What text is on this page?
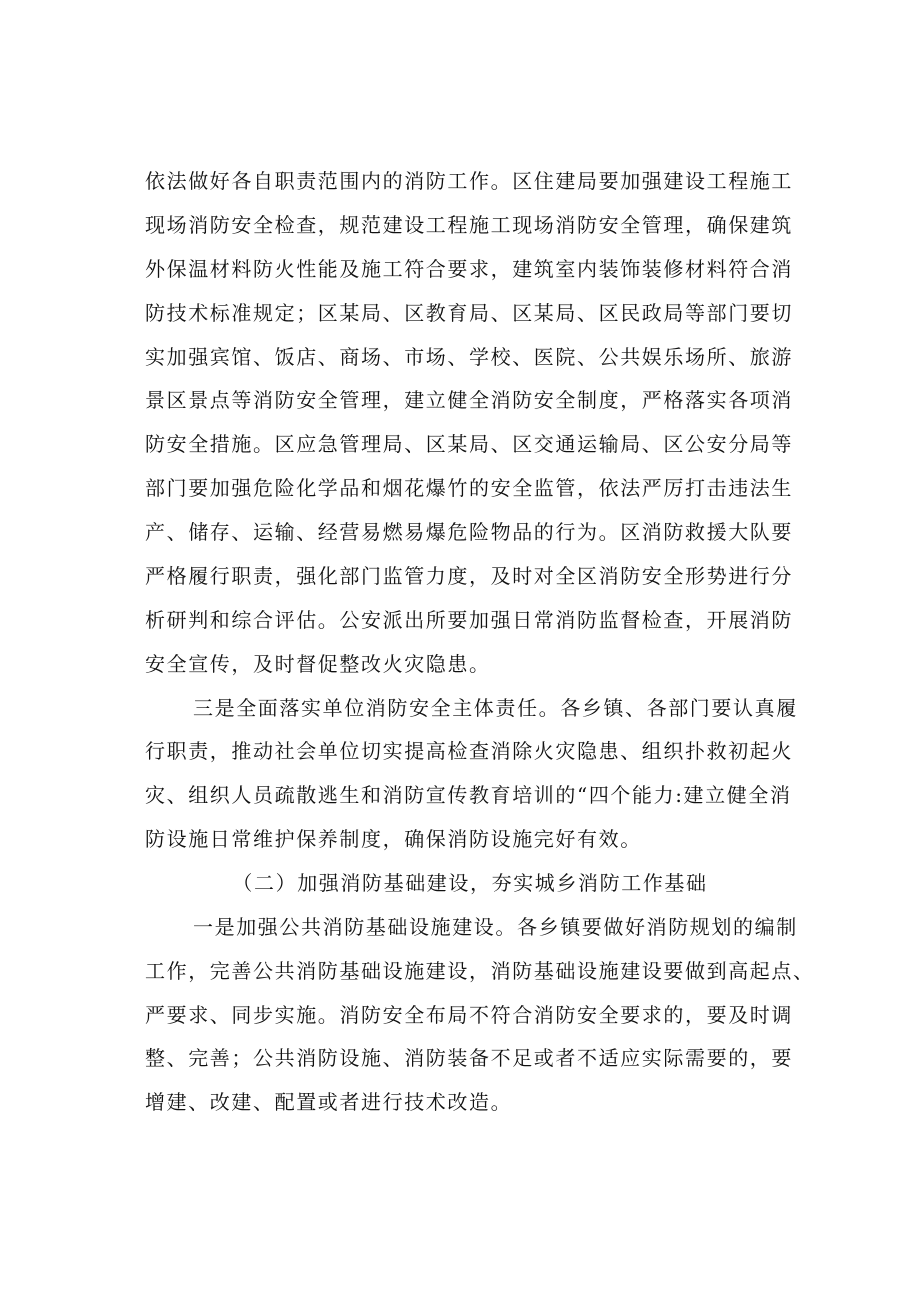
依法做好各自职责范围内的消防工作。区住建局要加强建设工程施工
现场消防安全检查，规范建设工程施工现场消防安全管理，确保建筑
外保温材料防火性能及施工符合要求，建筑室内装饰装修材料符合消
防技术标准规定；区某局、区教育局、区某局、区民政局等部门要切
实加强宾馆、饭店、商场、市场、学校、医院、公共娱乐场所、旅游
景区景点等消防安全管理，建立健全消防安全制度，严格落实各项消
防安全措施。区应急管理局、区某局、区交通运输局、区公安分局等
部门要加强危险化学品和烟花爆竹的安全监管，依法严厉打击违法生
产、储存、运输、经营易燃易爆危险物品的行为。区消防救援大队要
严格履行职责，强化部门监管力度，及时对全区消防安全形势进行分
析研判和综合评估。公安派出所要加强日常消防监督检查，开展消防
安全宣传，及时督促整改火灾隐患。
三是全面落实单位消防安全主体责任。各乡镇、各部门要认真履
行职责，推动社会单位切实提高检查消除火灾隐患、组织扑救初起火
灾、组织人员疏散逃生和消防宣传教育培训的“四个能力:建立健全消
防设施日常维护保养制度，确保消防设施完好有效。
（二）加强消防基础建设，夯实城乡消防工作基础
一是加强公共消防基础设施建设。各乡镇要做好消防规划的编制
工作，完善公共消防基础设施建设，消防基础设施建设要做到高起点、
严要求、同步实施。消防安全布局不符合消防安全要求的，要及时调
整、完善；公共消防设施、消防装备不足或者不适应实际需要的，要
增建、改建、配置或者进行技术改造。
